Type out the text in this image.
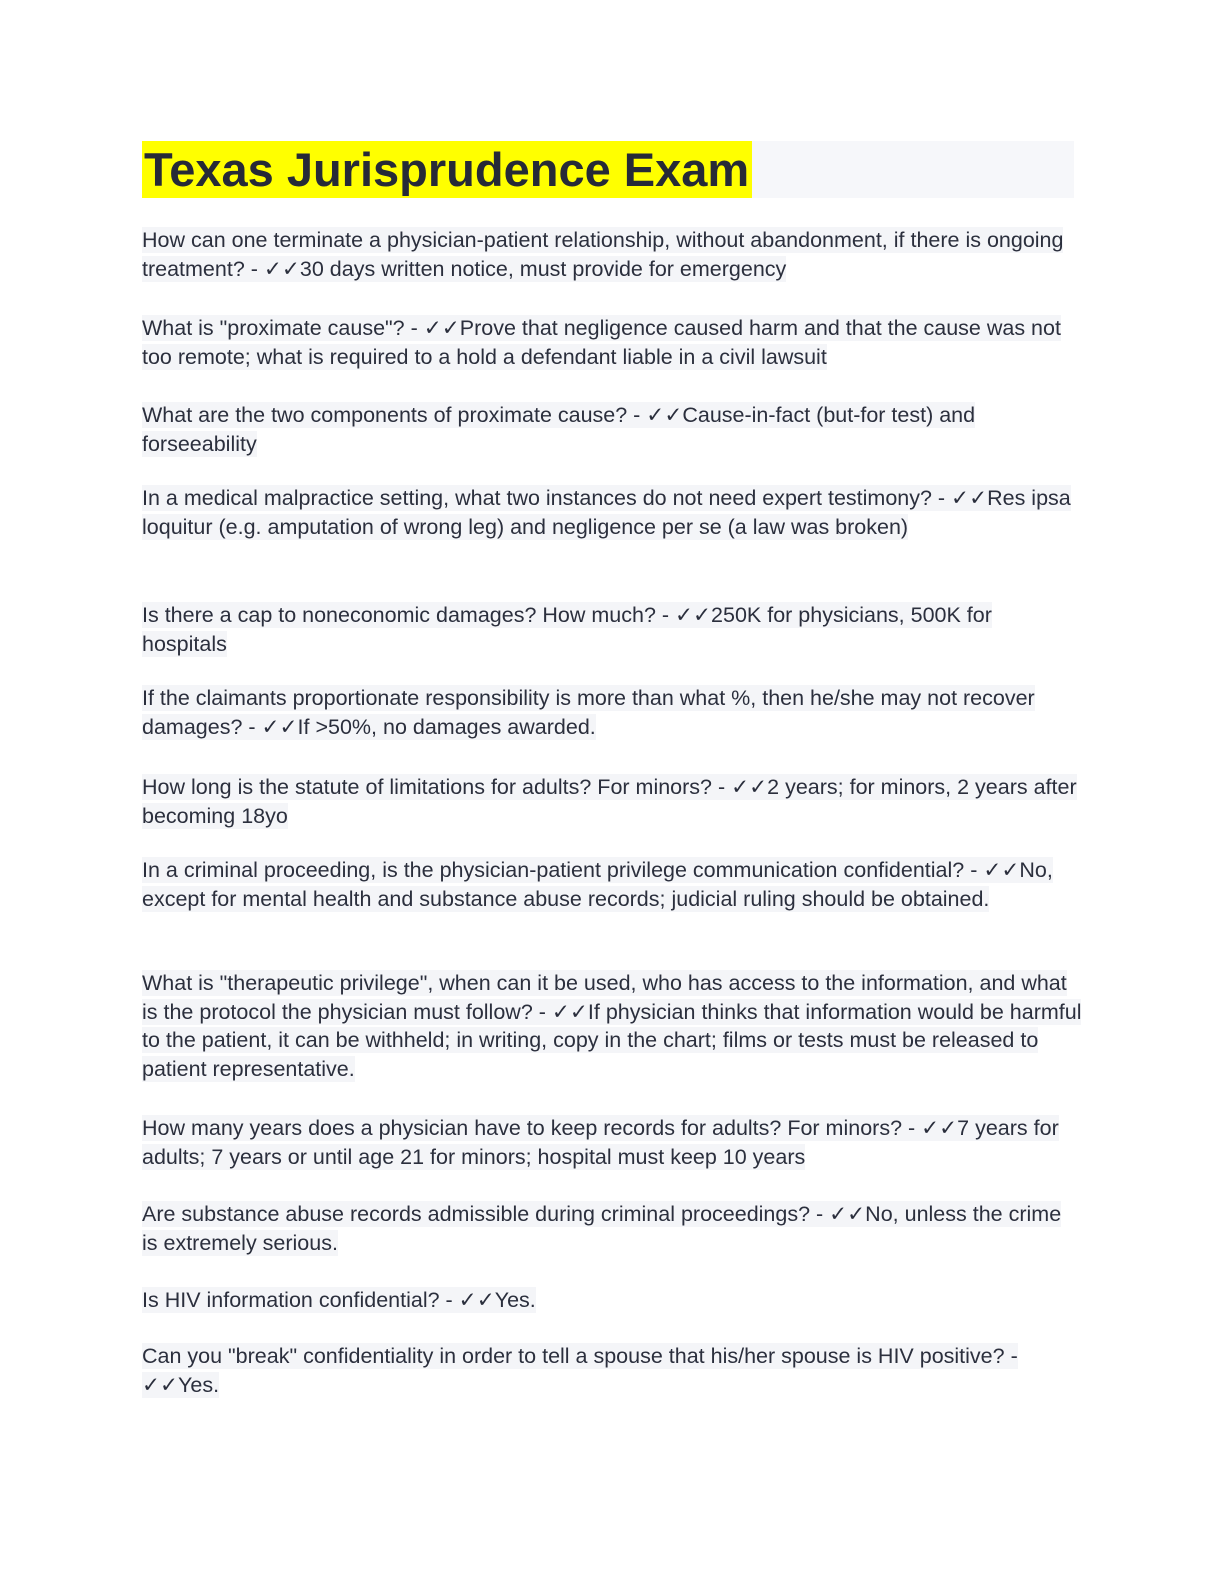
Texas Jurisprudence Exam

How can one terminate a physician-patient relationship, without abandonment, if there is ongoing treatment? - ✓✓30 days written notice, must provide for emergency

What is "proximate cause"? - ✓✓Prove that negligence caused harm and that the cause was not too remote; what is required to a hold a defendant liable in a civil lawsuit

What are the two components of proximate cause? - ✓✓Cause-in-fact (but-for test) and forseeability

In a medical malpractice setting, what two instances do not need expert testimony? - ✓✓Res ipsa loquitur (e.g. amputation of wrong leg) and negligence per se (a law was broken)

Is there a cap to noneconomic damages? How much? - ✓✓250K for physicians, 500K for hospitals

If the claimants proportionate responsibility is more than what %, then he/she may not recover damages? - ✓✓If >50%, no damages awarded.

How long is the statute of limitations for adults? For minors? - ✓✓2 years; for minors, 2 years after becoming 18yo

In a criminal proceeding, is the physician-patient privilege communication confidential? - ✓✓No, except for mental health and substance abuse records; judicial ruling should be obtained.

What is "therapeutic privilege", when can it be used, who has access to the information, and what is the protocol the physician must follow? - ✓✓If physician thinks that information would be harmful to the patient, it can be withheld; in writing, copy in the chart; films or tests must be released to patient representative.

How many years does a physician have to keep records for adults? For minors? - ✓✓7 years for adults; 7 years or until age 21 for minors; hospital must keep 10 years

Are substance abuse records admissible during criminal proceedings? - ✓✓No, unless the crime is extremely serious.

Is HIV information confidential? - ✓✓Yes.

Can you "break" confidentiality in order to tell a spouse that his/her spouse is HIV positive? - ✓✓Yes.
